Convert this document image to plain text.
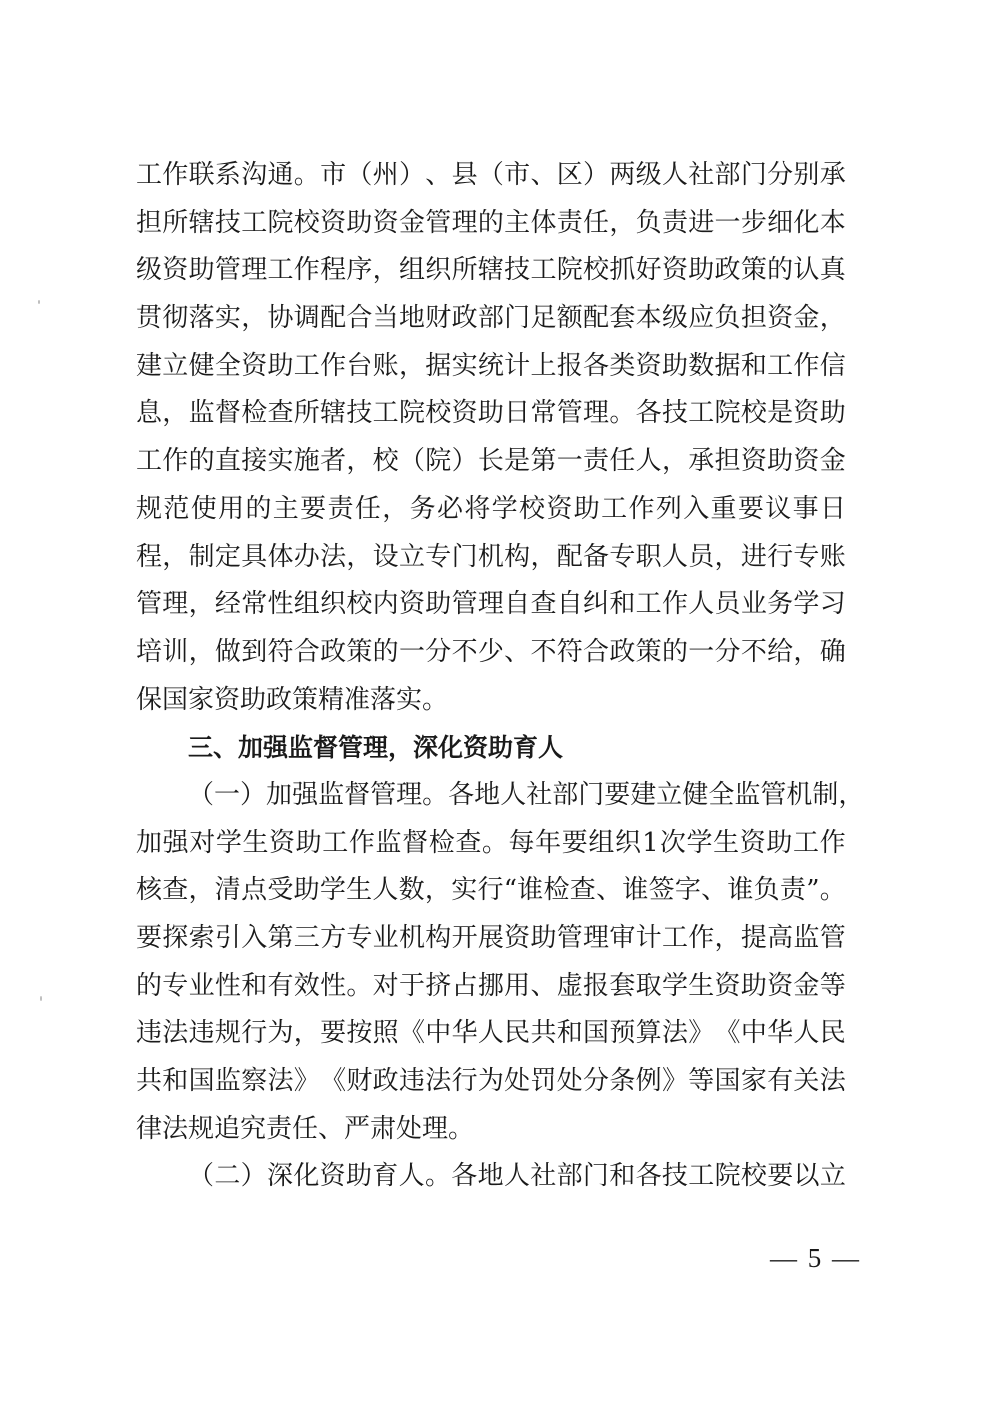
工 作 联 系 沟 通 。 市 （ 州 ） 、 县 （ 市 、 区 ） 两 级 人 社 部 门 分 别 承
担 所 辖 技 工 院 校 资 助 资 金 管 理 的 主 体 责 任 ， 负 责 进 一 步 细 化 本
级 资 助 管 理 工 作 程 序 ， 组 织 所 辖 技 工 院 校 抓 好 资 助 政 策 的 认 真
贯 彻 落 实 ， 协 调 配 合 当 地 财 政 部 门 足 额 配 套 本 级 应 负 担 资 金 ，
建 立 健 全 资 助 工 作 台 账 ， 据 实 统 计 上 报 各 类 资 助 数 据 和 工 作 信
息 ， 监 督 检 查 所 辖 技 工 院 校 资 助 日 常 管 理 。 各 技 工 院 校 是 资 助
工 作 的 直 接 实 施 者 ， 校 （ 院 ） 长 是 第 一 责 任 人 ， 承 担 资 助 资 金
规 范 使 用 的 主 要 责 任 ， 务 必 将 学 校 资 助 工 作 列 入 重 要 议 事 日
程 ， 制 定 具 体 办 法 ， 设 立 专 门 机 构 ， 配 备 专 职 人 员 ， 进 行 专 账
管 理 ， 经 常 性 组 织 校 内 资 助 管 理 自 查 自 纠 和 工 作 人 员 业 务 学 习
培 训 ， 做 到 符 合 政 策 的 一 分 不 少 、 不 符 合 政 策 的 一 分 不 给 ， 确
保国家资助政策精准落实。
三、加强监督管理，深化资助育人
（ 一 ） 加 强 监 督 管 理 。 各 地 人 社 部 门 要 建 立 健 全 监 管 机 制 ，
加 强 对 学 生 资 助 工 作 监 督 检 查 。 每 年 要 组 织 1 次 学 生 资 助 工 作
核 查 ， 清 点 受 助 学 生 人 数 ， 实 行 “ 谁 检 查 、 谁 签 字 、 谁 负 责 ” 。
要 探 索 引 入 第 三 方 专 业 机 构 开 展 资 助 管 理 审 计 工 作 ， 提 高 监 管
的 专 业 性 和 有 效 性 。 对 于 挤 占 挪 用 、 虚 报 套 取 学 生 资 助 资 金 等
违 法 违 规 行 为 ， 要 按 照 《 中 华 人 民 共 和 国 预 算 法 》 《 中 华 人 民
共 和 国 监 察 法 》 《 财 政 违 法 行 为 处 罚 处 分 条 例 》 等 国 家 有 关 法
律法规追究责任、严肃处理。
（ 二 ） 深 化 资 助 育 人 。 各 地 人 社 部 门 和 各 技 工 院 校 要 以 立
— 5 —
